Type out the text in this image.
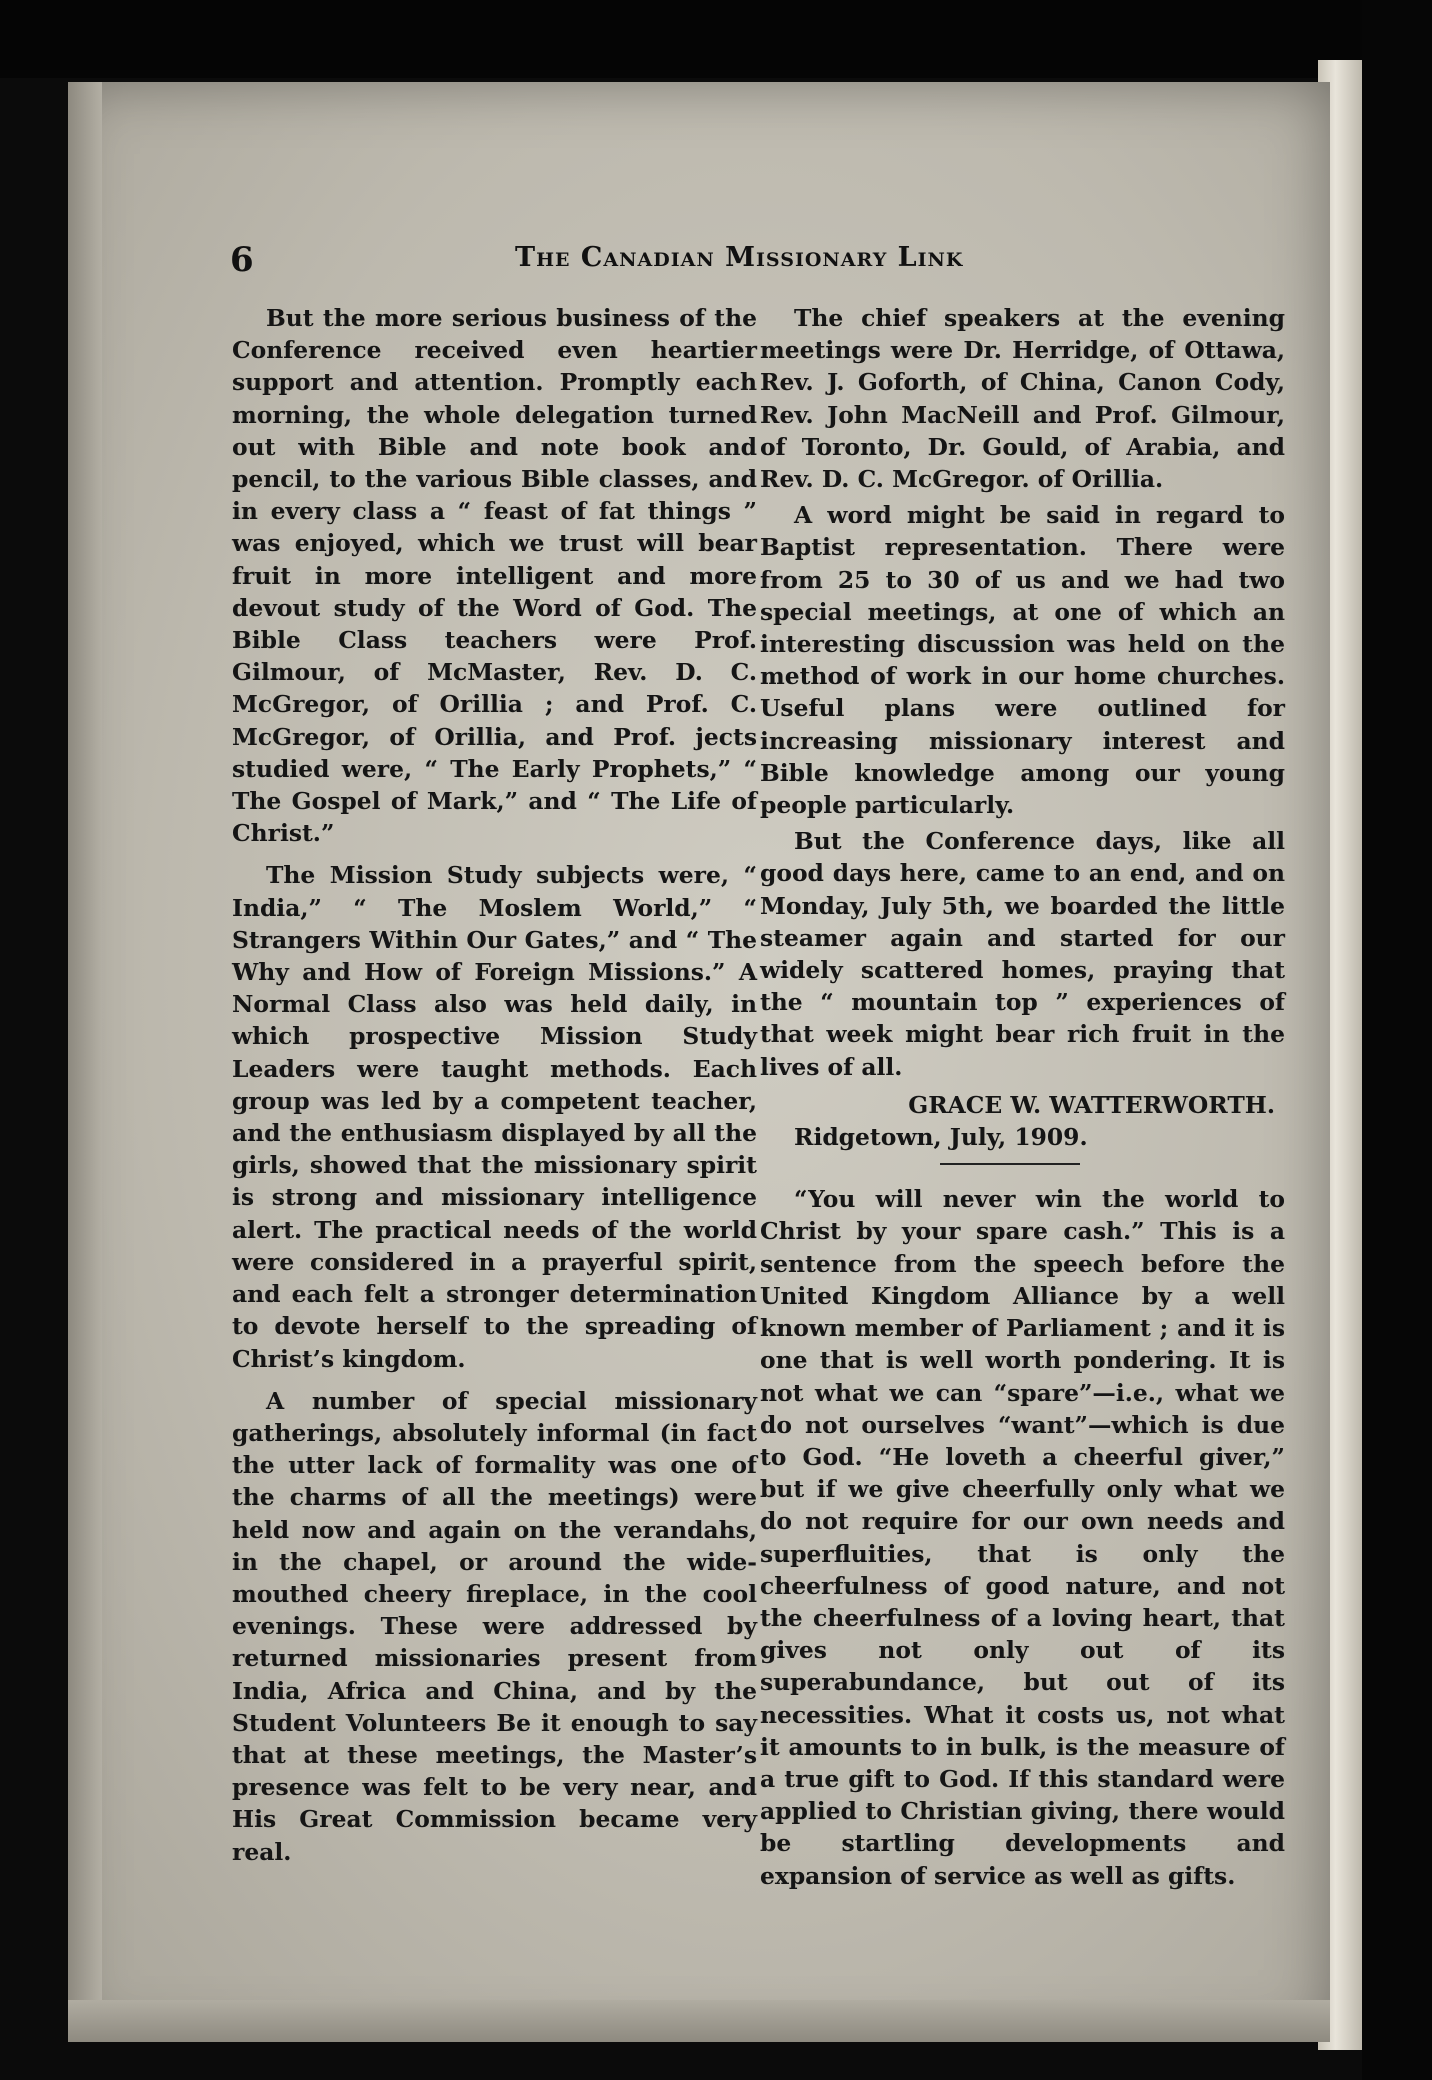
6	The Canadian Missionary Link

But the more serious business of the Conference received even heartier support and attention. Promptly each morning, the whole delegation turned out with Bible and note book and pencil, to the various Bible classes, and in every class a “ feast of fat things ” was enjoyed, which we trust will bear fruit in more intelligent and more devout study of the Word of God. The Bible Class teachers were Prof. Gilmour, of McMaster, Rev. D. C. McGregor, of Orillia ; and Prof. C. McGregor, of Orillia, and Prof. jects studied were, “ The Early Prophets,” “ The Gospel of Mark,” and “ The Life of Christ.”

The Mission Study subjects were, “ India,” “ The Moslem World,” “ Strangers Within Our Gates,” and “ The Why and How of Foreign Missions.” A Normal Class also was held daily, in which prospective Mission Study Leaders were taught methods. Each group was led by a competent teacher, and the enthusiasm displayed by all the girls, showed that the missionary spirit is strong and missionary intelligence alert. The practical needs of the world were considered in a prayerful spirit, and each felt a stronger determination to devote herself to the spreading of Christ’s kingdom.

A number of special missionary gatherings, absolutely informal (in fact the utter lack of formality was one of the charms of all the meetings) were held now and again on the verandahs, in the chapel, or around the wide-mouthed cheery fireplace, in the cool evenings. These were addressed by returned missionaries present from India, Africa and China, and by the Student Volunteers Be it enough to say that at these meetings, the Master’s presence was felt to be very near, and His Great Commission became very real.

The chief speakers at the evening meetings were Dr. Herridge, of Ottawa, Rev. J. Goforth, of China, Canon Cody, Rev. John MacNeill and Prof. Gilmour, of Toronto, Dr. Gould, of Arabia, and Rev. D. C. McGregor. of Orillia.

A word might be said in regard to Baptist representation. There were from 25 to 30 of us and we had two special meetings, at one of which an interesting discussion was held on the method of work in our home churches. Useful plans were outlined for increasing missionary interest and Bible knowledge among our young people particularly.

But the Conference days, like all good days here, came to an end, and on Monday, July 5th, we boarded the little steamer again and started for our widely scattered homes, praying that the “ mountain top ” experiences of that week might bear rich fruit in the lives of all.

GRACE W. WATTERWORTH.

Ridgetown, July, 1909.

“You will never win the world to Christ by your spare cash.” This is a sentence from the speech before the United Kingdom Alliance by a well known member of Parliament ; and it is one that is well worth pondering. It is not what we can “spare”—i.e., what we do not ourselves “want”—which is due to God. “He loveth a cheerful giver,” but if we give cheerfully only what we do not require for our own needs and superfluities, that is only the cheerfulness of good nature, and not the cheerfulness of a loving heart, that gives not only out of its superabundance, but out of its necessities. What it costs us, not what it amounts to in bulk, is the measure of a true gift to God. If this standard were applied to Christian giving, there would be startling developments and expansion of service as well as gifts.
